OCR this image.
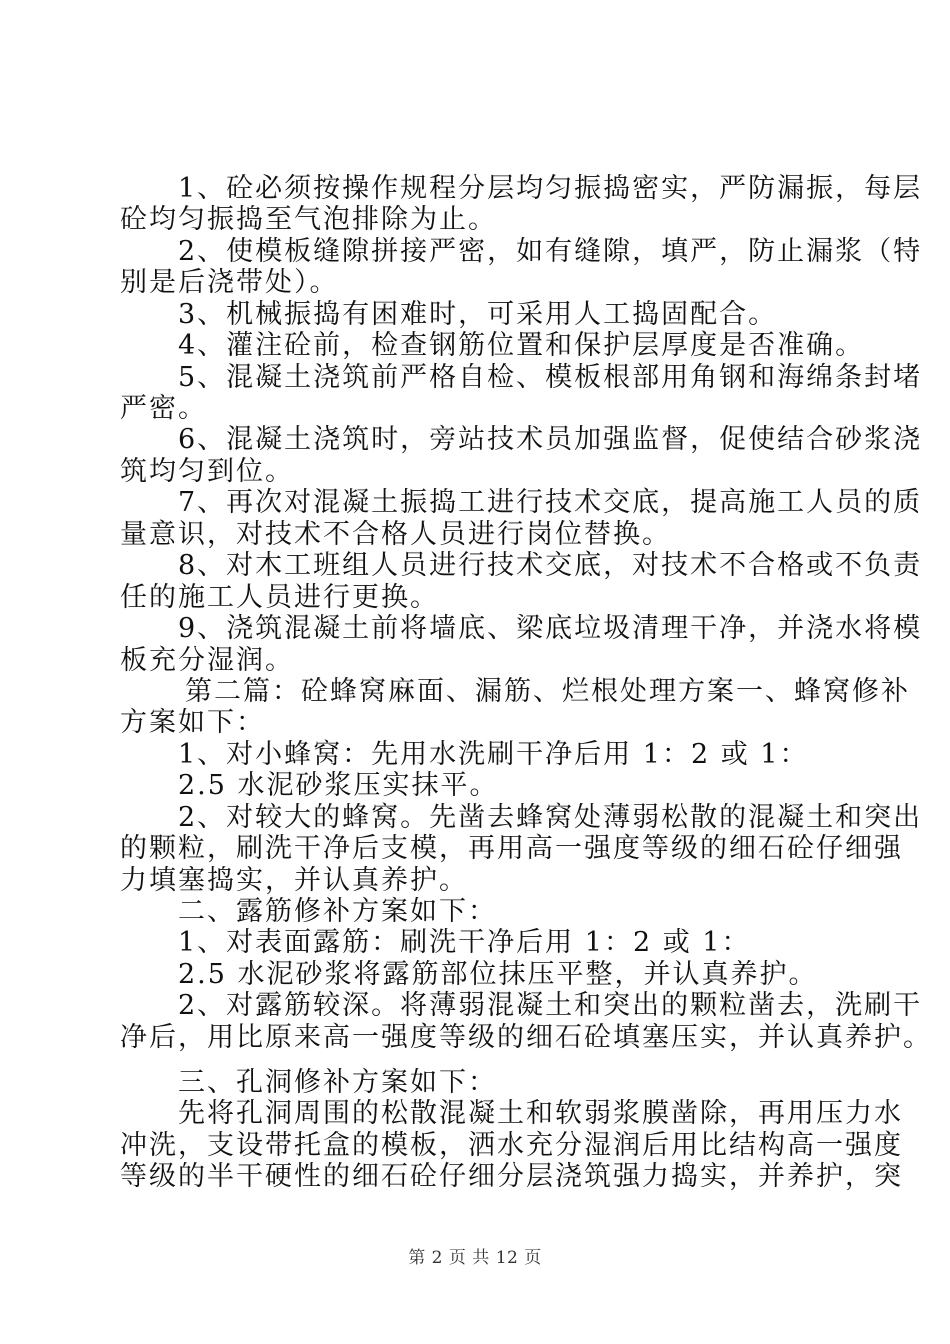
1、砼必须按操作规程分层均匀振捣密实，严防漏振，每层
砼均匀振捣至气泡排除为止。
2、使模板缝隙拼接严密，如有缝隙，填严，防止漏浆（特
别是后浇带处）。
3、机械振捣有困难时，可采用人工捣固配合。
4、灌注砼前，检查钢筋位置和保护层厚度是否准确。
5、混凝土浇筑前严格自检、模板根部用角钢和海绵条封堵
严密。
6、混凝土浇筑时，旁站技术员加强监督，促使结合砂浆浇
筑均匀到位。
7、再次对混凝土振捣工进行技术交底，提高施工人员的质
量意识，对技术不合格人员进行岗位替换。
8、对木工班组人员进行技术交底，对技术不合格或不负责
任的施工人员进行更换。
9、浇筑混凝土前将墙底、梁底垃圾清理干净，并浇水将模
板充分湿润。
第二篇：砼蜂窝麻面、漏筋、烂根处理方案一、蜂窝修补
方案如下：
1、对小蜂窝：先用水洗刷干净后用 1：2 或 1：
2.5 水泥砂浆压实抹平。
2、对较大的蜂窝。先凿去蜂窝处薄弱松散的混凝土和突出
的颗粒，刷洗干净后支模，再用高一强度等级的细石砼仔细强
力填塞捣实，并认真养护。
二、露筋修补方案如下：
1、对表面露筋：刷洗干净后用 1：2 或 1：
2.5 水泥砂浆将露筋部位抹压平整，并认真养护。
2、对露筋较深。将薄弱混凝土和突出的颗粒凿去，洗刷干
净后，用比原来高一强度等级的细石砼填塞压实，并认真养护。
三、孔洞修补方案如下：
先将孔洞周围的松散混凝土和软弱浆膜凿除，再用压力水
冲洗，支设带托盒的模板，洒水充分湿润后用比结构高一强度
等级的半干硬性的细石砼仔细分层浇筑强力捣实，并养护，突
第 2 页 共 12 页
